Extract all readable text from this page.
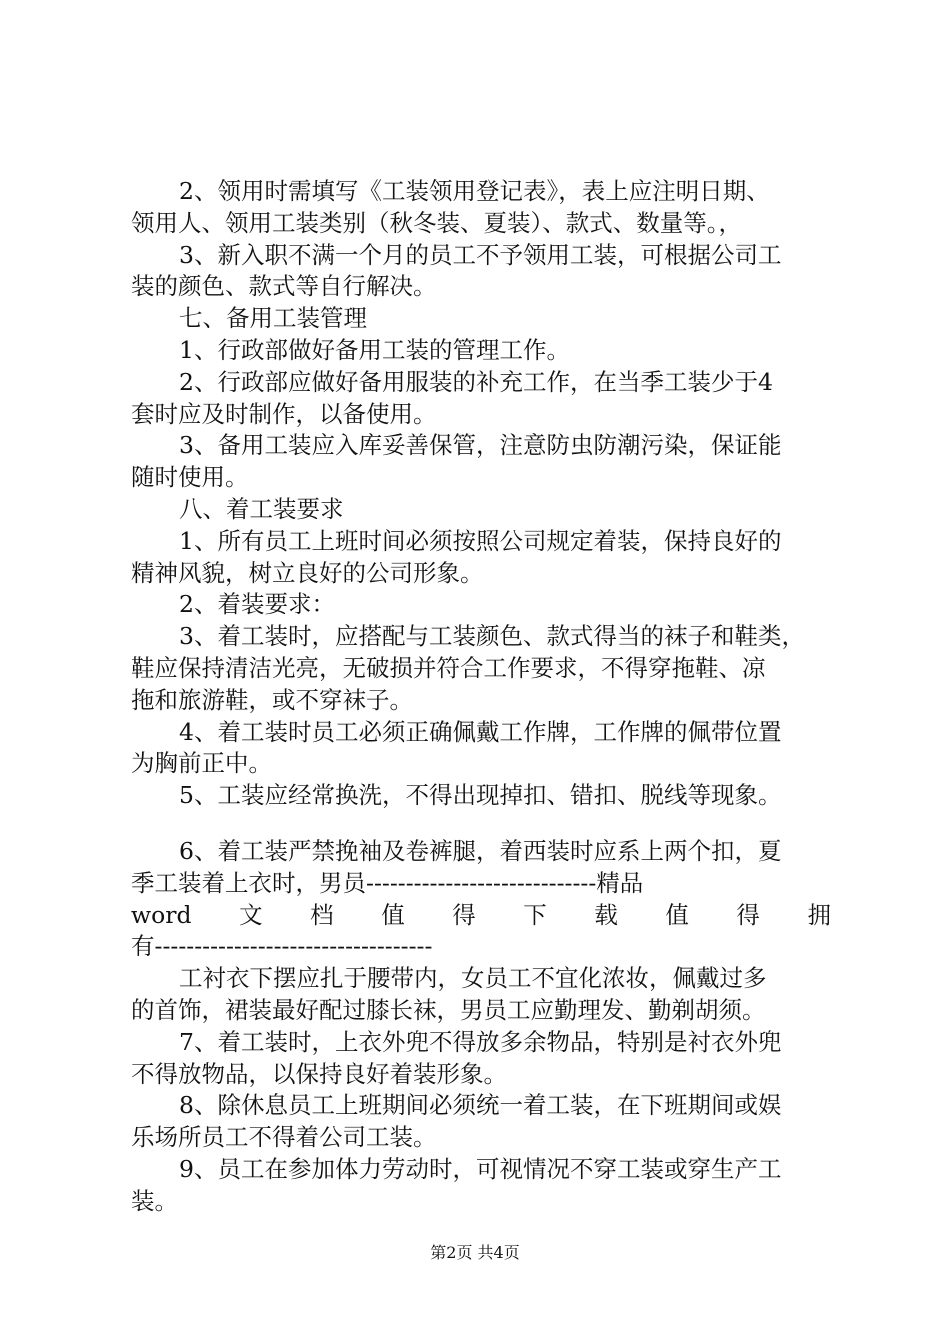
2、领用时需填写《工装领用登记表》，表上应注明日期、
领用人、领用工装类别（秋冬装、夏装）、款式、数量等。，
3、新入职不满一个月的员工不予领用工装，可根据公司工
装的颜色、款式等自行解决。
七、备用工装管理
1、行政部做好备用工装的管理工作。
2、行政部应做好备用服装的补充工作，在当季工装少于4
套时应及时制作，以备使用。
3、备用工装应入库妥善保管，注意防虫防潮污染，保证能
随时使用。
八、着工装要求
1、所有员工上班时间必须按照公司规定着装，保持良好的
精神风貌，树立良好的公司形象。
2、着装要求：
3、着工装时，应搭配与工装颜色、款式得当的袜子和鞋类，
鞋应保持清洁光亮，无破损并符合工作要求，不得穿拖鞋、凉
拖和旅游鞋，或不穿袜子。
4、着工装时员工必须正确佩戴工作牌，工作牌的佩带位置
为胸前正中。
5、工装应经常换洗，不得出现掉扣、错扣、脱线等现象。
6、着工装严禁挽袖及卷裤腿，着西装时应系上两个扣，夏
季工装着上衣时，男员-----------------------------精品
word 文 档 值 得 下 载 值 得 拥
有-----------------------------------
工衬衣下摆应扎于腰带内，女员工不宜化浓妆，佩戴过多
的首饰，裙装最好配过膝长袜，男员工应勤理发、勤剃胡须。
7、着工装时，上衣外兜不得放多余物品，特别是衬衣外兜
不得放物品，以保持良好着装形象。
8、除休息员工上班期间必须统一着工装，在下班期间或娱
乐场所员工不得着公司工装。
9、员工在参加体力劳动时，可视情况不穿工装或穿生产工
装。
第2页 共4页
